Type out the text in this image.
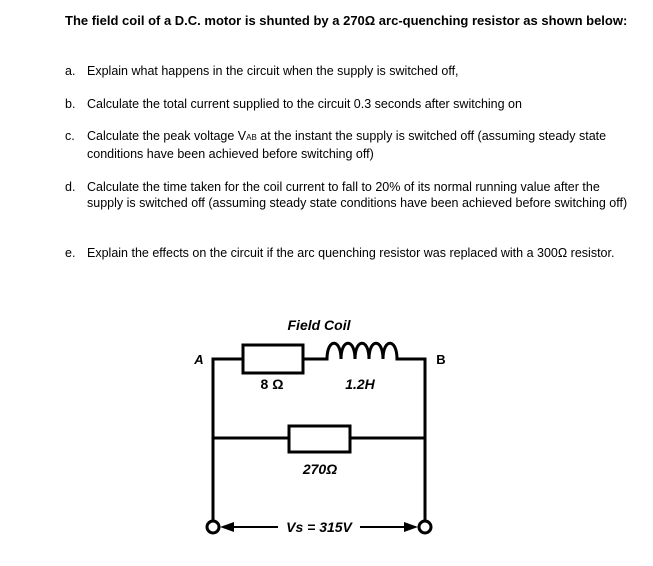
The field coil of a D.C. motor is shunted by a 270Ω arc-quenching resistor as shown below:
a. Explain what happens in the circuit when the supply is switched off,
b. Calculate the total current supplied to the circuit 0.3 seconds after switching on
c. Calculate the peak voltage VAB at the instant the supply is switched off (assuming steady state conditions have been achieved before switching off)
d. Calculate the time taken for the coil current to fall to 20% of its normal running value after the supply is switched off (assuming steady state conditions have been achieved before switching off)
e. Explain the effects on the circuit if the arc quenching resistor was replaced with a 300Ω resistor.
Field Coil
A	B
8 Ω	1.2H
270Ω
Vs = 315V
